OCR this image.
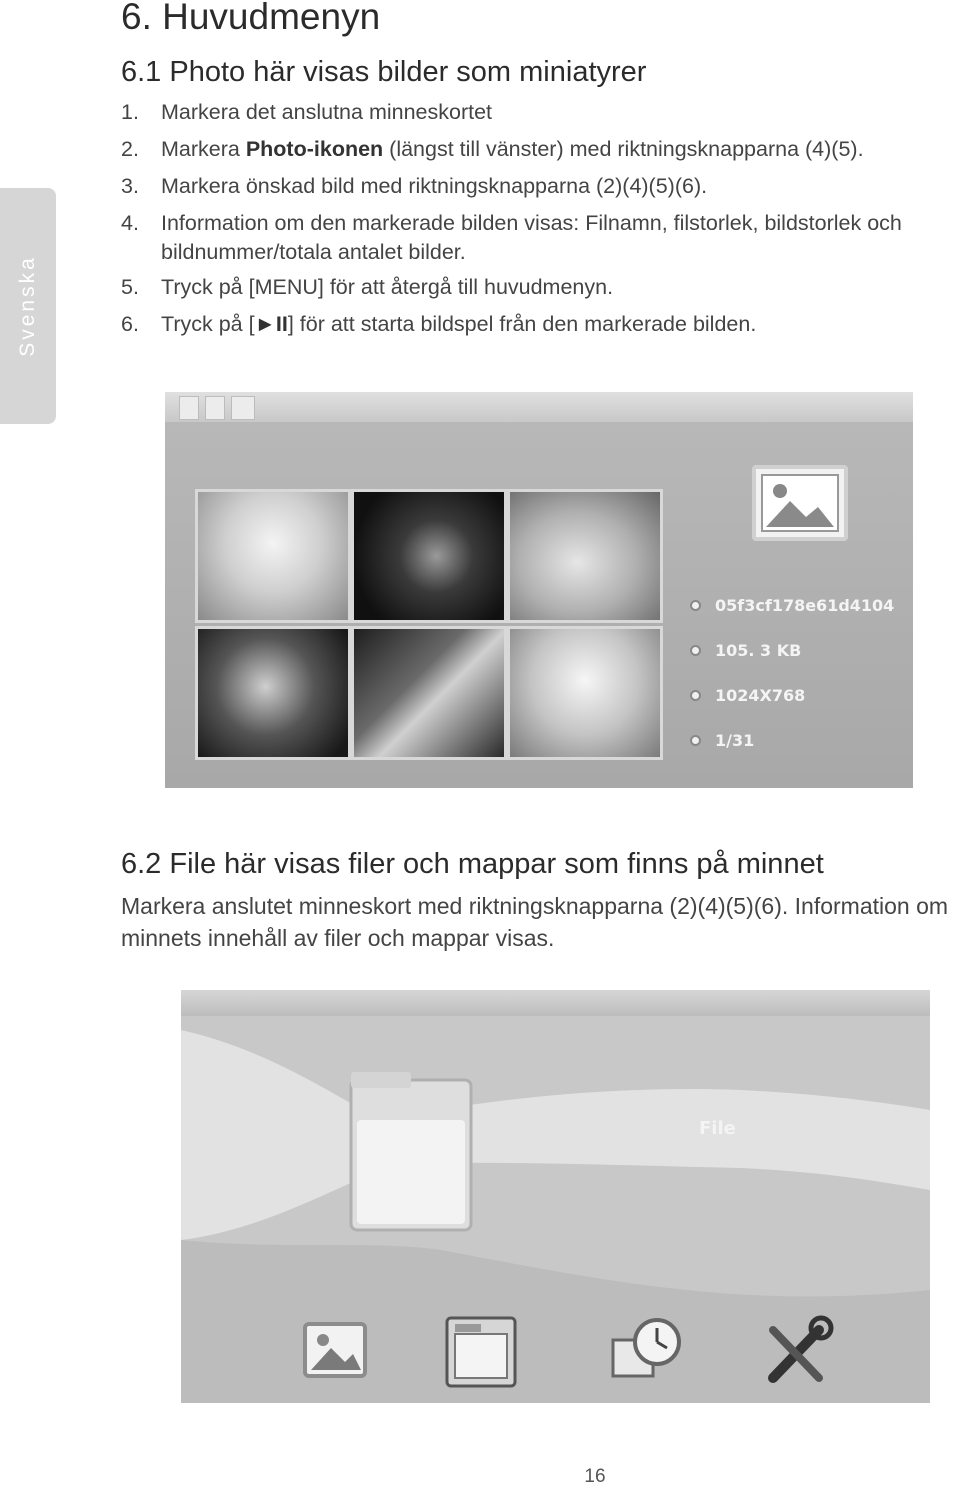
Svenska
6. Huvudmenyn
6.1 Photo här visas bilder som miniatyrer
1. Markera det anslutna minneskortet
2. Markera Photo-ikonen (längst till vänster) med riktningsknapparna (4)(5).
3. Markera önskad bild med riktningsknapparna (2)(4)(5)(6).
4. Information om den markerade bilden visas: Filnamn, filstorlek, bildstorlek och bildnummer/totala antalet bilder.
5. Tryck på [MENU] för att återgå till huvudmenyn.
6. Tryck på [►II] för att starta bildspel från den markerade bilden.
05f3cf178e61d4104
105. 3 KB
1024X768
1/31
6.2 File här visas filer och mappar som finns på minnet

Markera anslutet minneskort med riktningsknapparna (2)(4)(5)(6). Information om minnets innehåll av filer och mappar visas.

File
16
